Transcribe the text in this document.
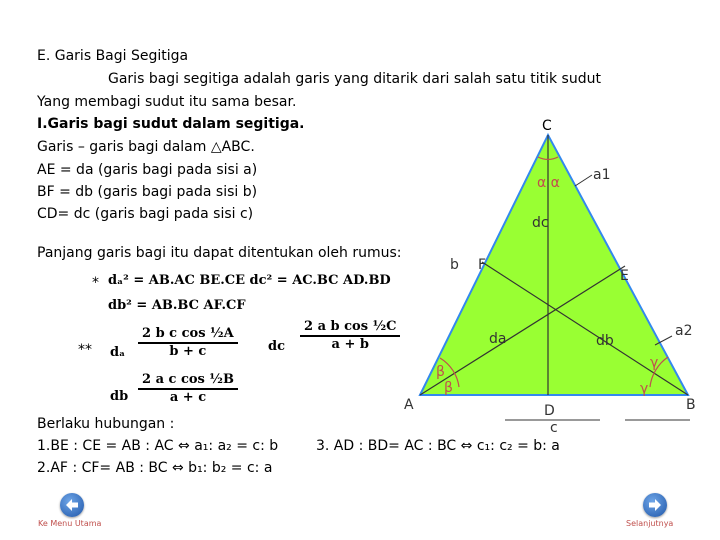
E. Garis Bagi Segitiga
Garis bagi segitiga adalah garis yang ditarik dari salah satu titik sudut
Yang membagi sudut itu sama besar.
I.Garis bagi sudut dalam segitiga.
Garis – garis bagi dalam △ABC.
AE = da (garis bagi pada sisi a)
BF = db (garis bagi pada sisi b)
CD= dc (garis bagi pada sisi c)
Panjang garis bagi itu dapat ditentukan oleh rumus:
* dₐ² = AB.AC BE.CE dc² = AC.BC AD.BD
db² = AB.BC AF.CF
** dₐ $\frac{\text{2 b c cos ½A}}{b + c}$ dc $\frac{\text{2 a b cos ½C}}{a + b}$
db $\frac{\text{2 a c cos ½B}}{a + c}$
C
A	B
D
E
F
a1
a2
b
c
dc
da	db
α α
β
β
γ
γ
Berlaku hubungan :
1.BE : CE = AB : AC ⇔ a₁: a₂ = c: b
2.AF : CF= AB : BC ⇔ b₁: b₂ = c: a
3. AD : BD= AC : BC ⇔ c₁: c₂ = b: a
Ke Menu Utama	Selanjutnya
